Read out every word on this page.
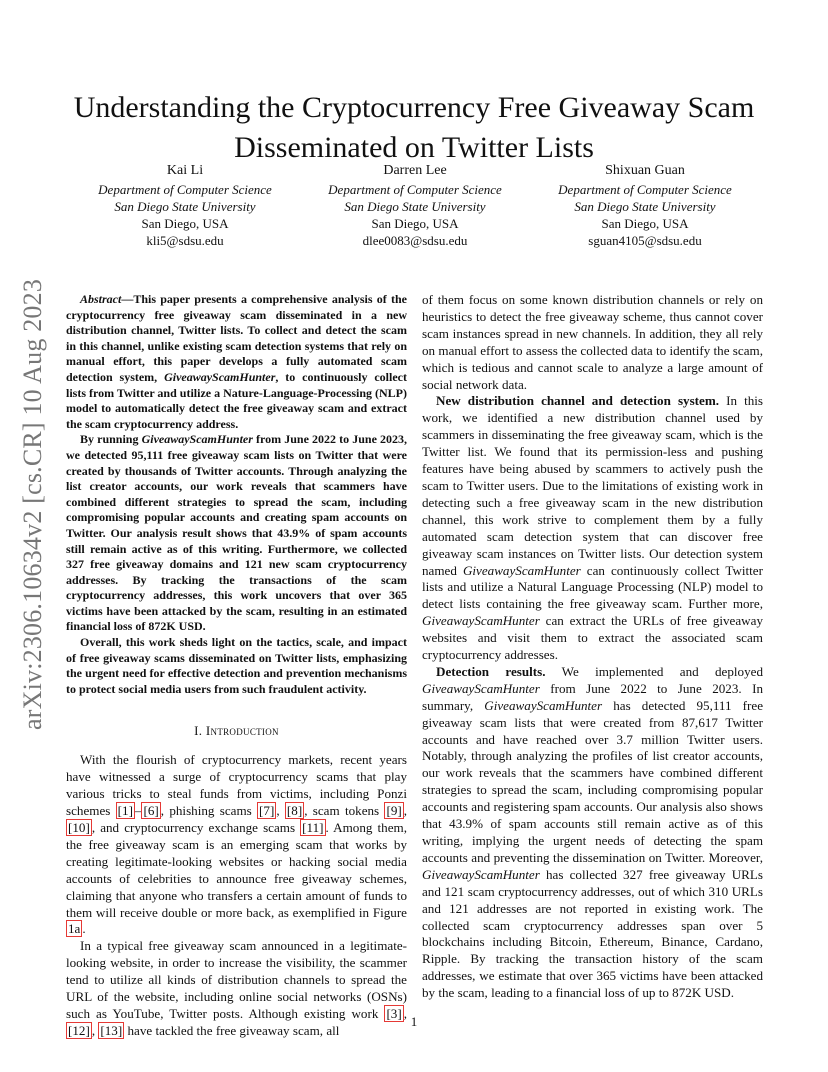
arXiv:2306.10634v2 [cs.CR] 10 Aug 2023
Understanding the Cryptocurrency Free Giveaway Scam Disseminated on Twitter Lists
Kai Li
Department of Computer Science
San Diego State University
San Diego, USA
kli5@sdsu.edu
Darren Lee
Department of Computer Science
San Diego State University
San Diego, USA
dlee0083@sdsu.edu
Shixuan Guan
Department of Computer Science
San Diego State University
San Diego, USA
sguan4105@sdsu.edu

Abstract—This paper presents a comprehensive analysis of the cryptocurrency free giveaway scam disseminated in a new distribution channel, Twitter lists. To collect and detect the scam in this channel, unlike existing scam detection systems that rely on manual effort, this paper develops a fully automated scam detection system, GiveawayScamHunter, to continuously collect lists from Twitter and utilize a Nature-Language-Processing (NLP) model to automatically detect the free giveaway scam and extract the scam cryptocurrency address.

By running GiveawayScamHunter from June 2022 to June 2023, we detected 95,111 free giveaway scam lists on Twitter that were created by thousands of Twitter accounts. Through analyzing the list creator accounts, our work reveals that scammers have combined different strategies to spread the scam, including compromising popular accounts and creating spam accounts on Twitter. Our analysis result shows that 43.9% of spam accounts still remain active as of this writing. Furthermore, we collected 327 free giveaway domains and 121 new scam cryptocurrency addresses. By tracking the transactions of the scam cryptocurrency addresses, this work uncovers that over 365 victims have been attacked by the scam, resulting in an estimated financial loss of 872K USD.

Overall, this work sheds light on the tactics, scale, and impact of free giveaway scams disseminated on Twitter lists, emphasizing the urgent need for effective detection and prevention mechanisms to protect social media users from such fraudulent activity.

I. Introduction

With the flourish of cryptocurrency markets, recent years have witnessed a surge of cryptocurrency scams that play various tricks to steal funds from victims, including Ponzi schemes [1] – [6] , phishing scams [7] , [8] , scam tokens [9] , [10] , and cryptocurrency exchange scams [11] . Among them, the free giveaway scam is an emerging scam that works by creating legitimate-looking websites or hacking social media accounts of celebrities to announce free giveaway schemes, claiming that anyone who transfers a certain amount of funds to them will receive double or more back, as exemplified in Figure 1a .

In a typical free giveaway scam announced in a legitimate-looking website, in order to increase the visibility, the scammer tend to utilize all kinds of distribution channels to spread the URL of the website, including online social networks (OSNs) such as YouTube, Twitter posts. Although existing work [3] , [12] , [13] have tackled the free giveaway scam, all

of them focus on some known distribution channels or rely on heuristics to detect the free giveaway scheme, thus cannot cover scam instances spread in new channels. In addition, they all rely on manual effort to assess the collected data to identify the scam, which is tedious and cannot scale to analyze a large amount of social network data.

New distribution channel and detection system. In this work, we identified a new distribution channel used by scammers in disseminating the free giveaway scam, which is the Twitter list. We found that its permission-less and pushing features have being abused by scammers to actively push the scam to Twitter users. Due to the limitations of existing work in detecting such a free giveaway scam in the new distribution channel, this work strive to complement them by a fully automated scam detection system that can discover free giveaway scam instances on Twitter lists. Our detection system named GiveawayScamHunter can continuously collect Twitter lists and utilize a Natural Language Processing (NLP) model to detect lists containing the free giveaway scam. Further more, GiveawayScamHunter can extract the URLs of free giveaway websites and visit them to extract the associated scam cryptocurrency addresses.

Detection results. We implemented and deployed GiveawayScamHunter from June 2022 to June 2023. In summary, GiveawayScamHunter has detected 95,111 free giveaway scam lists that were created from 87,617 Twitter accounts and have reached over 3.7 million Twitter users. Notably, through analyzing the profiles of list creator accounts, our work reveals that the scammers have combined different strategies to spread the scam, including compromising popular accounts and registering spam accounts. Our analysis also shows that 43.9% of spam accounts still remain active as of this writing, implying the urgent needs of detecting the spam accounts and preventing the dissemination on Twitter. Moreover, GiveawayScamHunter has collected 327 free giveaway URLs and 121 scam cryptocurrency addresses, out of which 310 URLs and 121 addresses are not reported in existing work. The collected scam cryptocurrency addresses span over 5 blockchains including Bitcoin, Ethereum, Binance, Cardano, Ripple. By tracking the transaction history of the scam addresses, we estimate that over 365 victims have been attacked by the scam, leading to a financial loss of up to 872K USD.

1
